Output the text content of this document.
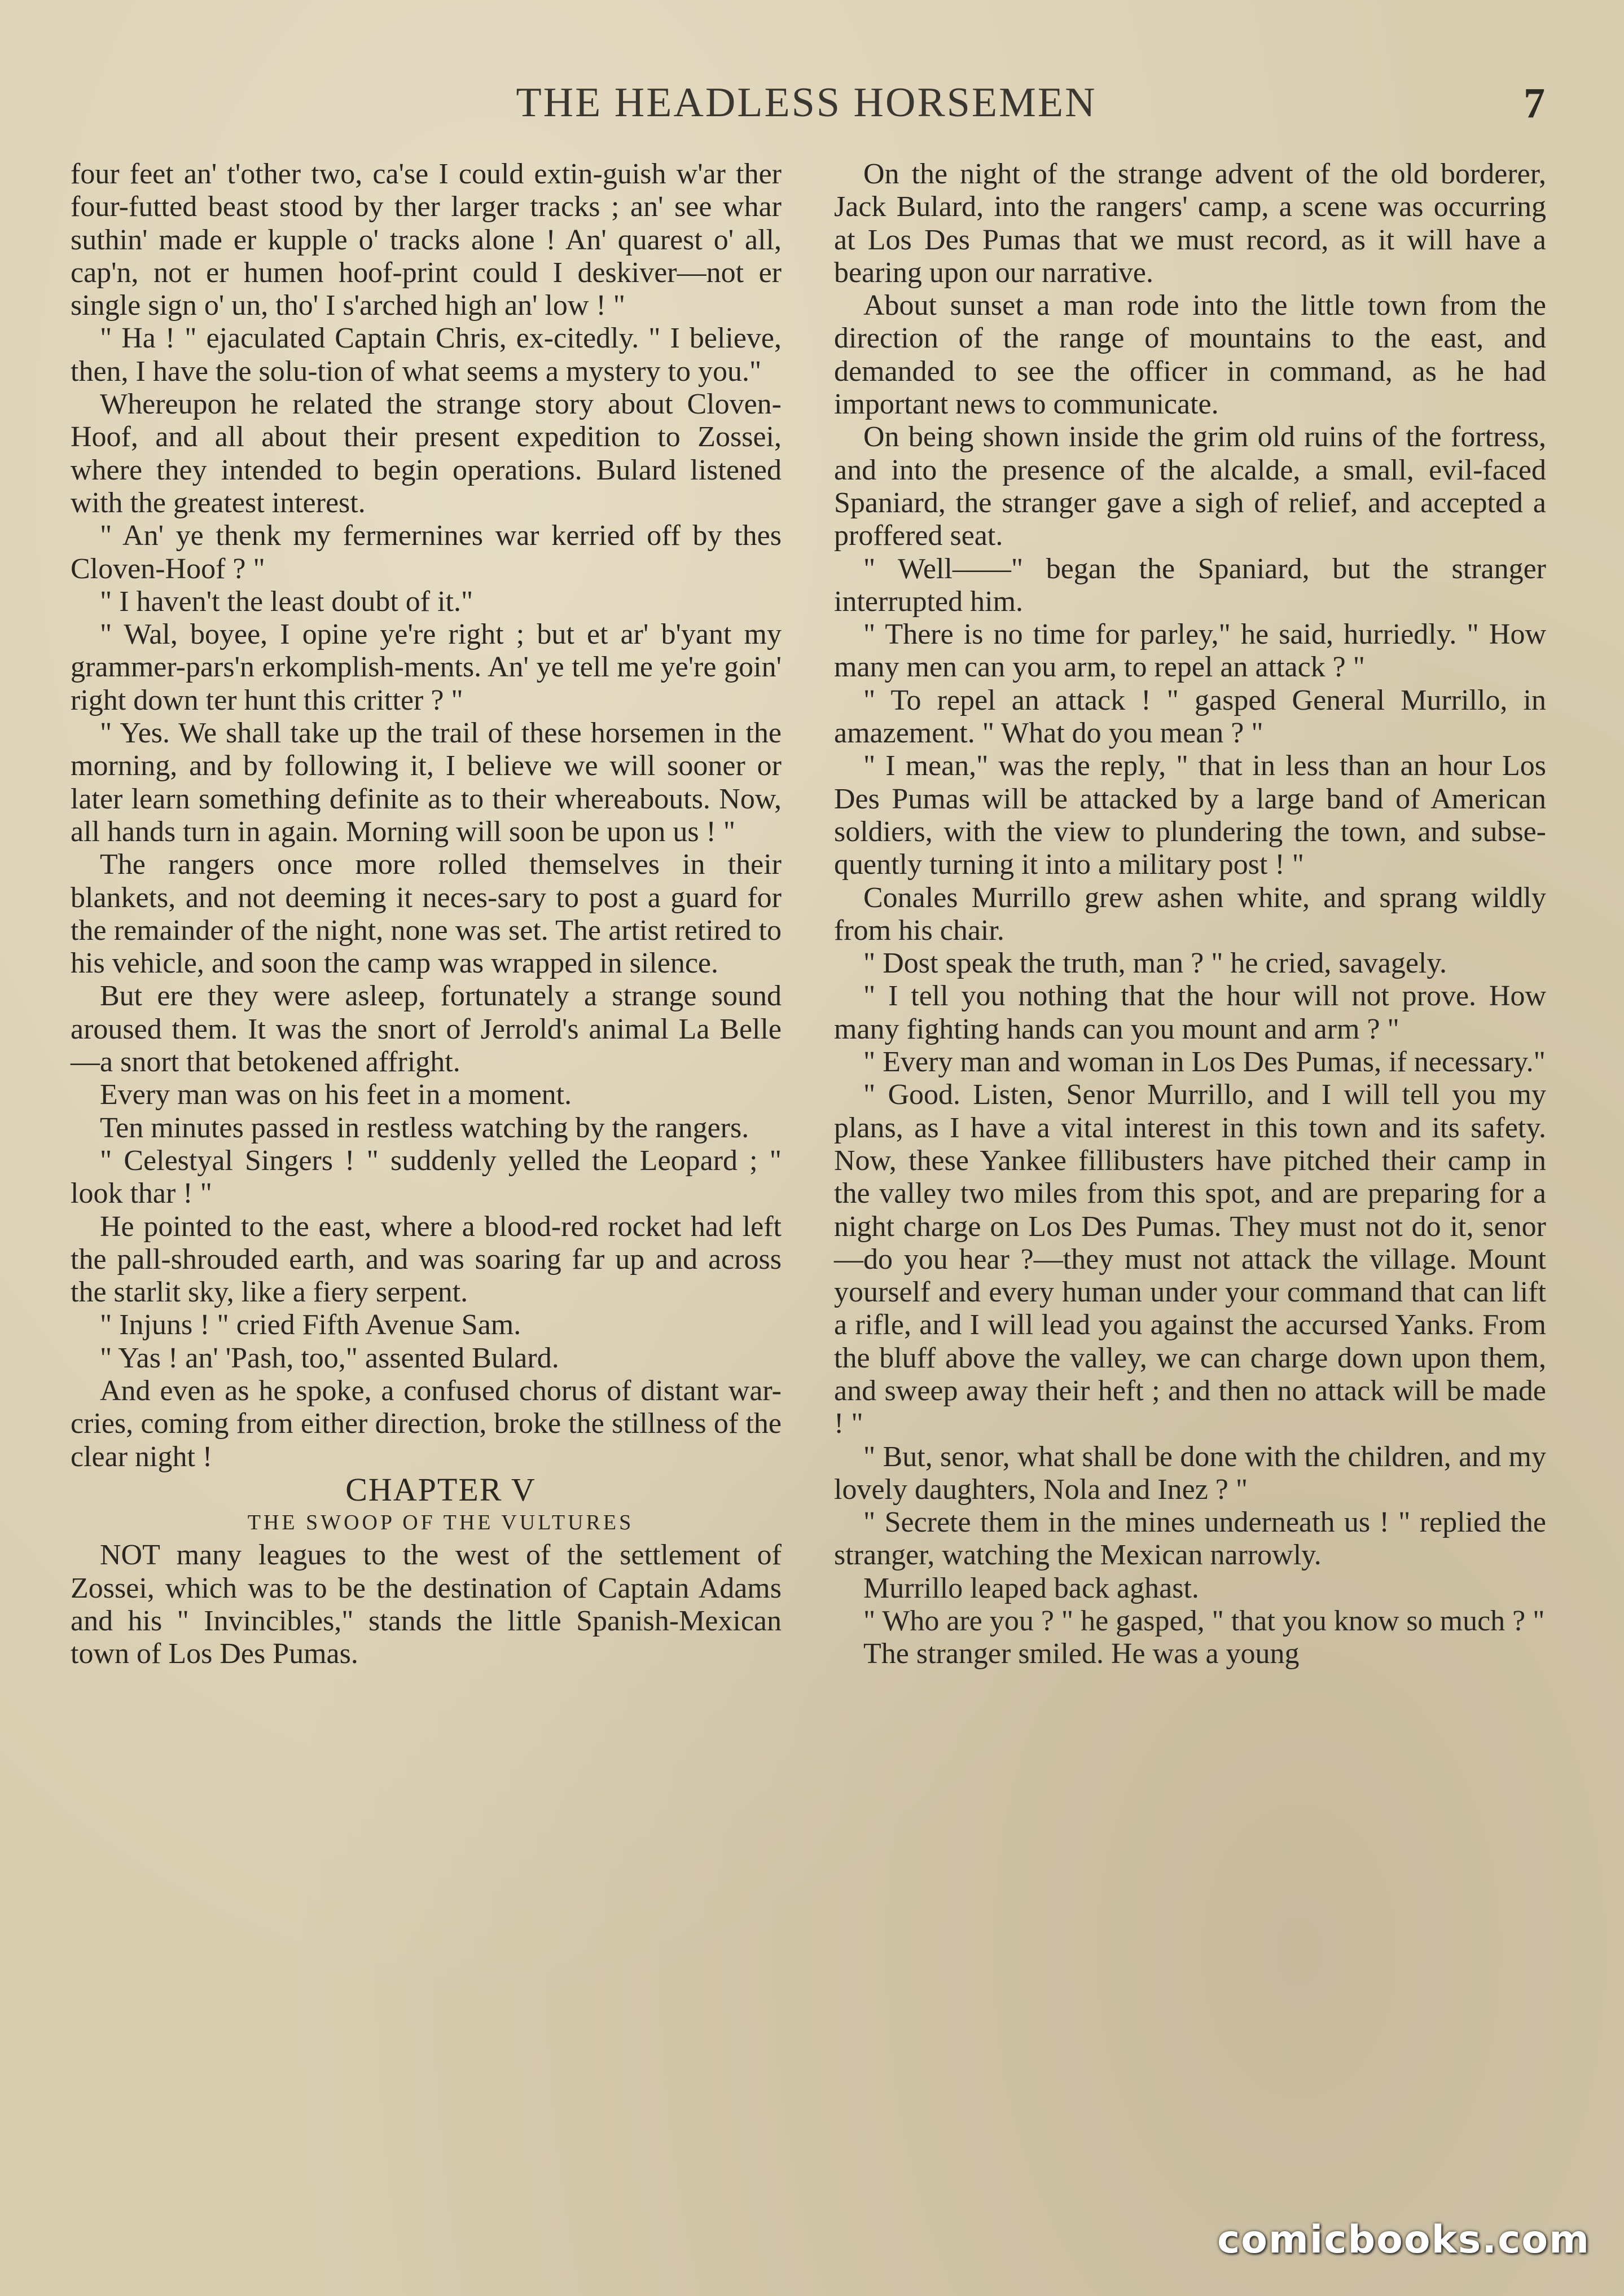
THE HEADLESS HORSEMEN	7

four feet an' t'other two, ca'se I could extin-guish w'ar ther four-futted beast stood by ther larger tracks ; an' see whar suthin' made er kupple o' tracks alone ! An' quarest o' all, cap'n, not er humen hoof-print could I deskiver—not er single sign o' un, tho' I s'arched high an' low ! "

" Ha ! " ejaculated Captain Chris, ex-citedly. " I believe, then, I have the solu-tion of what seems a mystery to you."

Whereupon he related the strange story about Cloven-Hoof, and all about their present expedition to Zossei, where they intended to begin operations. Bulard listened with the greatest interest.

" An' ye thenk my fermernines war kerried off by thes Cloven-Hoof ? "

" I haven't the least doubt of it."

" Wal, boyee, I opine ye're right ; but et ar' b'yant my grammer-pars'n erkomplish-ments. An' ye tell me ye're goin' right down ter hunt this critter ? "

" Yes. We shall take up the trail of these horsemen in the morning, and by following it, I believe we will sooner or later learn something definite as to their whereabouts. Now, all hands turn in again. Morning will soon be upon us ! "

The rangers once more rolled themselves in their blankets, and not deeming it neces-sary to post a guard for the remainder of the night, none was set. The artist retired to his vehicle, and soon the camp was wrapped in silence.

But ere they were asleep, fortunately a strange sound aroused them. It was the snort of Jerrold's animal La Belle—a snort that betokened affright.

Every man was on his feet in a moment.

Ten minutes passed in restless watching by the rangers.

" Celestyal Singers ! " suddenly yelled the Leopard ; " look thar ! "

He pointed to the east, where a blood-red rocket had left the pall-shrouded earth, and was soaring far up and across the starlit sky, like a fiery serpent.

" Injuns ! " cried Fifth Avenue Sam.

" Yas ! an' 'Pash, too," assented Bulard.

And even as he spoke, a confused chorus of distant war-cries, coming from either direction, broke the stillness of the clear night !

CHAPTER V

THE SWOOP OF THE VULTURES

NOT many leagues to the west of the settlement of Zossei, which was to be the destination of Captain Adams and his " Invincibles," stands the little Spanish-Mexican town of Los Des Pumas.

On the night of the strange advent of the old borderer, Jack Bulard, into the rangers' camp, a scene was occurring at Los Des Pumas that we must record, as it will have a bearing upon our narrative.

About sunset a man rode into the little town from the direction of the range of mountains to the east, and demanded to see the officer in command, as he had important news to communicate.

On being shown inside the grim old ruins of the fortress, and into the presence of the alcalde, a small, evil-faced Spaniard, the stranger gave a sigh of relief, and accepted a proffered seat.

" Well——" began the Spaniard, but the stranger interrupted him.

" There is no time for parley," he said, hurriedly. " How many men can you arm, to repel an attack ? "

" To repel an attack ! " gasped General Murrillo, in amazement. " What do you mean ? "

" I mean," was the reply, " that in less than an hour Los Des Pumas will be attacked by a large band of American soldiers, with the view to plundering the town, and subse-quently turning it into a military post ! "

Conales Murrillo grew ashen white, and sprang wildly from his chair.

" Dost speak the truth, man ? " he cried, savagely.

" I tell you nothing that the hour will not prove. How many fighting hands can you mount and arm ? "

" Every man and woman in Los Des Pumas, if necessary."

" Good. Listen, Senor Murrillo, and I will tell you my plans, as I have a vital interest in this town and its safety. Now, these Yankee fillibusters have pitched their camp in the valley two miles from this spot, and are preparing for a night charge on Los Des Pumas. They must not do it, senor—do you hear ?—they must not attack the village. Mount yourself and every human under your command that can lift a rifle, and I will lead you against the accursed Yanks. From the bluff above the valley, we can charge down upon them, and sweep away their heft ; and then no attack will be made ! "

" But, senor, what shall be done with the children, and my lovely daughters, Nola and Inez ? "

" Secrete them in the mines underneath us ! " replied the stranger, watching the Mexican narrowly.

Murrillo leaped back aghast.

" Who are you ? " he gasped, " that you know so much ? "

The stranger smiled. He was a young

comicbooks.com
